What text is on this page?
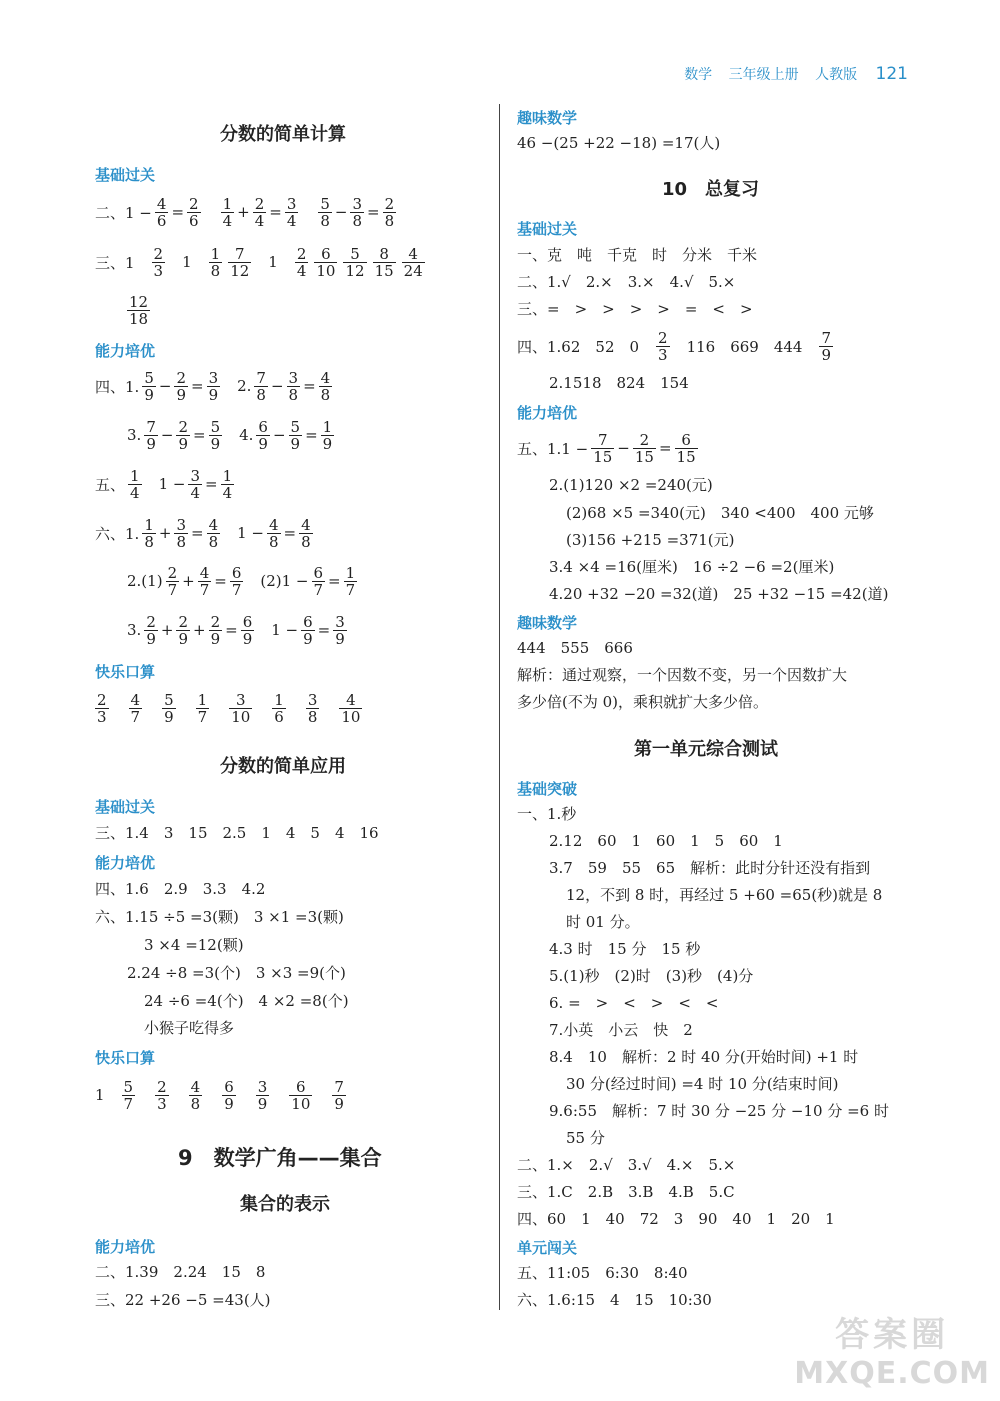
数学 三年级上册 人教版 121
分数的简单计算
基础过关
二、1 − 4
6 = 2
6
1
4 + 2
4 = 3
4
5
8 − 3
8 = 2
8
三、1 2
3 1 1
8
7
12 1 2
4
6
10
5
12
8
15
4
24
12
18
能力培优
四、1. 5
9 − 2
9 = 3
9 2. 7
8 − 3
8 = 4
8
3. 7
9 − 2
9 = 5
9 4. 6
9 − 5
9 = 1
9
五、 1
4 1 − 3
4 = 1
4
六、1. 1
8 + 3
8 = 4
8 1 − 4
8 = 4
8
2.(1) 2
7 + 4
7 = 6
7 (2)1 − 6
7 = 1
7
3. 2
9 + 2
9 + 2
9 = 6
9 1 − 6
9 = 3
9
快乐口算
2
3
4
7
5
9
1
7
3
10
1
6
3
8
4
10
分数的简单应用
基础过关
三、1.4　3　15　2.5　1　4　5　4　16
能力培优
四、1.6　2.9　3.3　4.2
六、1.15 ÷5 =3(颗)　3 ×1 =3(颗)
3 ×4 =12(颗)
2.24 ÷8 =3(个)　3 ×3 =9(个)
24 ÷6 =4(个)　4 ×2 =8(个)
小猴子吃得多
快乐口算
1 5
7
2
3
4
8
6
9
3
9
6
10
7
9
9　数学广角——集合
集合的表示
能力培优
二、1.39　2.24　15　8
三、22 +26 −5 =43(人)
趣味数学
46 −(25 +22 −18) =17(人)
10　总复习
基础过关
一、克　吨　千克　时　分米　千米
二、1.√　2.×　3.×　4.√　5.×
三、=　>　>　>　>　=　<　>
四、1.62　52　0 2
3 116　669　444 7
9
2.1518　824　154
能力培优
五、1.1 − 7
15 − 2
15 = 6
15
2.(1)120 ×2 =240(元)
(2)68 ×5 =340(元)　340 <400　400 元够
(3)156 +215 =371(元)
3.4 ×4 =16(厘米)　16 ÷2 −6 =2(厘米)
4.20 +32 −20 =32(道)　25 +32 −15 =42(道)
趣味数学
444　555　666
解析：通过观察，一个因数不变，另一个因数扩大
多少倍(不为 0)，乘积就扩大多少倍。
第一单元综合测试
基础突破
一、1.秒
2.12　60　1　60　1　5　60　1
3.7　59　55　65　解析：此时分针还没有指到
12，不到 8 时，再经过 5 +60 =65(秒)就是 8
时 01 分。
4.3 时　15 分　15 秒
5.(1)秒　(2)时　(3)秒　(4)分
6. =　>　<　>　<　<
7.小英　小云　快　2
8.4　10　解析：2 时 40 分(开始时间) +1 时
30 分(经过时间) =4 时 10 分(结束时间)
9.6:55　解析：7 时 30 分 −25 分 −10 分 =6 时
55 分
二、1.×　2.√　3.√　4.×　5.×
三、1.C　2.B　3.B　4.B　5.C
四、60　1　40　72　3　90　40　1　20　1
单元闯关
五、11:05　6:30　8:40
六、1.6:15　4　15　10:30
答案圈
MXQE.COM
